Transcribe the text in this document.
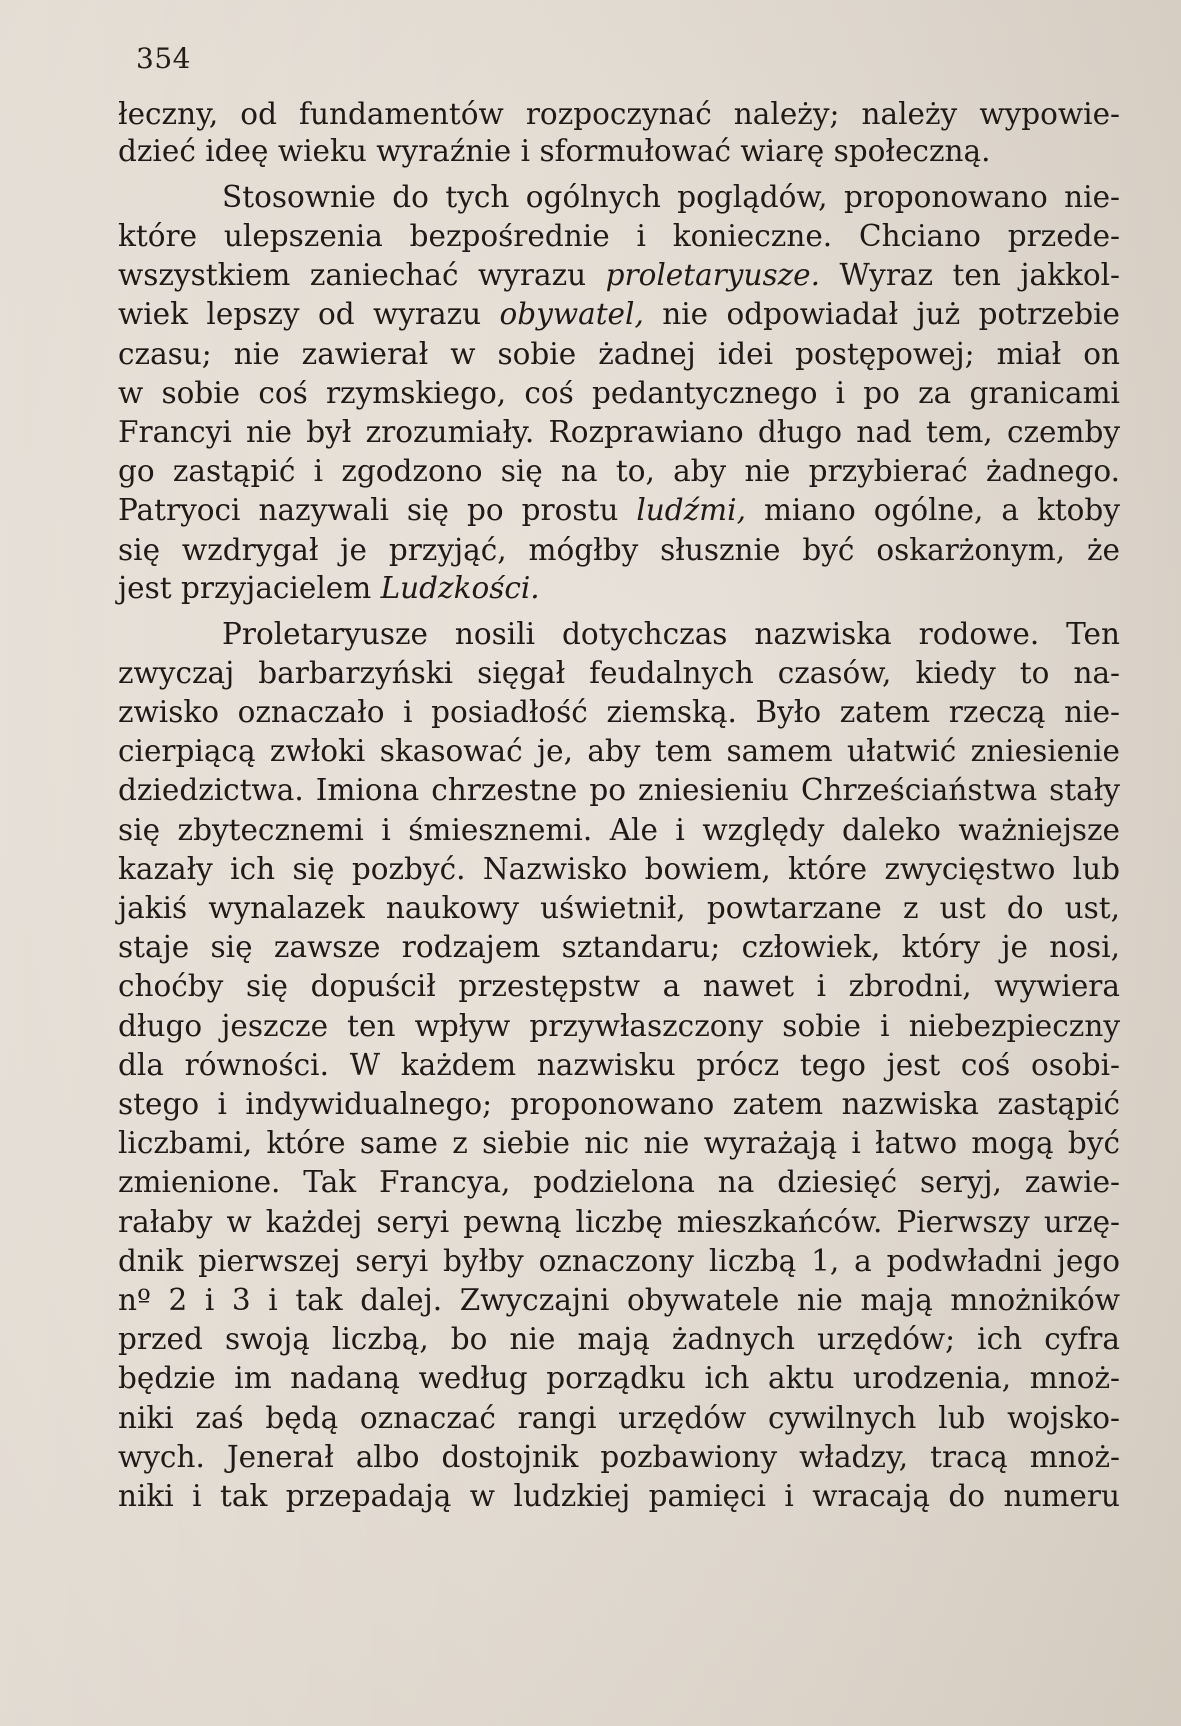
354
łeczny, od fundamentów rozpoczynać należy; należy wypowie-
dzieć ideę wieku wyraźnie i sformułować wiarę społeczną.
Stosownie do tych ogólnych poglądów, proponowano nie-
które ulepszenia bezpośrednie i konieczne. Chciano przede-
wszystkiem zaniechać wyrazu proletaryusze. Wyraz ten jakkol-
wiek lepszy od wyrazu obywatel, nie odpowiadał już potrzebie
czasu; nie zawierał w sobie żadnej idei postępowej; miał on
w sobie coś rzymskiego, coś pedantycznego i po za granicami
Francyi nie był zrozumiały. Rozprawiano długo nad tem, czemby
go zastąpić i zgodzono się na to, aby nie przybierać żadnego.
Patryoci nazywali się po prostu ludźmi, miano ogólne, a ktoby
się wzdrygał je przyjąć, mógłby słusznie być oskarżonym, że
jest przyjacielem Ludzkości.
Proletaryusze nosili dotychczas nazwiska rodowe. Ten
zwyczaj barbarzyński sięgał feudalnych czasów, kiedy to na-
zwisko oznaczało i posiadłość ziemską. Było zatem rzeczą nie-
cierpiącą zwłoki skasować je, aby tem samem ułatwić zniesienie
dziedzictwa. Imiona chrzestne po zniesieniu Chrześciaństwa stały
się zbytecznemi i śmiesznemi. Ale i względy daleko ważniejsze
kazały ich się pozbyć. Nazwisko bowiem, które zwycięstwo lub
jakiś wynalazek naukowy uświetnił, powtarzane z ust do ust,
staje się zawsze rodzajem sztandaru; człowiek, który je nosi,
choćby się dopuścił przestępstw a nawet i zbrodni, wywiera
długo jeszcze ten wpływ przywłaszczony sobie i niebezpieczny
dla równości. W każdem nazwisku prócz tego jest coś osobi-
stego i indywidualnego; proponowano zatem nazwiska zastąpić
liczbami, które same z siebie nic nie wyrażają i łatwo mogą być
zmienione. Tak Francya, podzielona na dziesięć seryj, zawie-
rałaby w każdej seryi pewną liczbę mieszkańców. Pierwszy urzę-
dnik pierwszej seryi byłby oznaczony liczbą 1, a podwładni jego
nº 2 i 3 i tak dalej. Zwyczajni obywatele nie mają mnożników
przed swoją liczbą, bo nie mają żadnych urzędów; ich cyfra
będzie im nadaną według porządku ich aktu urodzenia, mnoż-
niki zaś będą oznaczać rangi urzędów cywilnych lub wojsko-
wych. Jenerał albo dostojnik pozbawiony władzy, tracą mnoż-
niki i tak przepadają w ludzkiej pamięci i wracają do numeru
